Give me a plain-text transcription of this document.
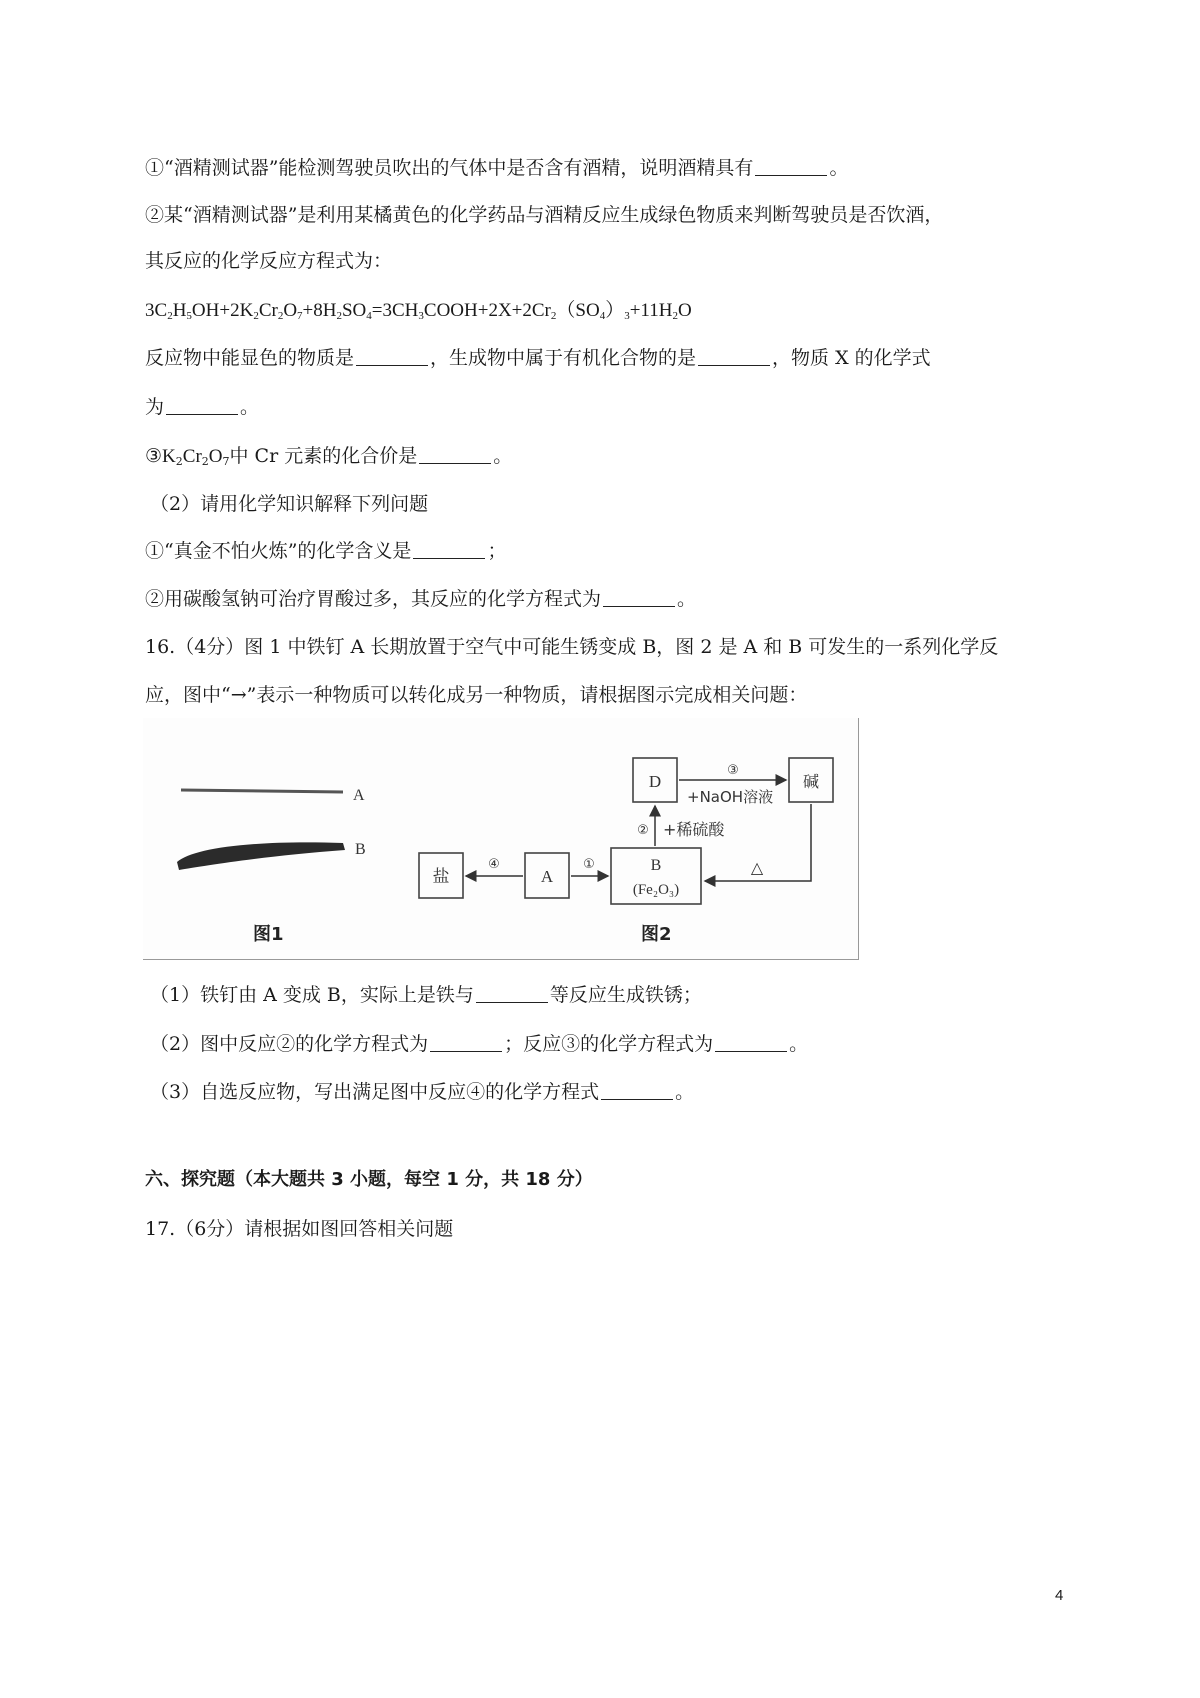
①“酒精测试器”能检测驾驶员吹出的气体中是否含有酒精，说明酒精具有	。
②某“酒精测试器”是利用某橘黄色的化学药品与酒精反应生成绿色物质来判断驾驶员是否饮酒，
其反应的化学反应方程式为：
$3C_2H_5OH+2K_2Cr_2O_7+8H_2SO_4=3CH_3COOH+2X+2Cr_2(SO_4)_3+11H_2O$
反应物中能显色的物质是	，生成物中属于有机化合物的是	，物质 X 的化学式
为	。
$③K_2Cr_2O_7$中 Cr 元素的化合价是	。
（2）请用化学知识解释下列问题
①“真金不怕火炼”的化学含义是	；
②用碳酸氢钠可治疗胃酸过多，其反应的化学方程式为	。
16.（4分）图 1 中铁钉 A 长期放置于空气中可能生锈变成 B，图 2 是 A 和 B 可发生的一系列化学反
应，图中“→”表示一种物质可以转化成另一种物质，请根据图示完成相关问题：
A
B
图1
盐	A
B
(Fe₂O₃)
D	碱
④	①
② +稀硫酸
③
+NaOH溶液
△
图2
（1）铁钉由 A 变成 B，实际上是铁与	等反应生成铁锈；
（2）图中反应②的化学方程式为	；反应③的化学方程式为	。
（3）自选反应物，写出满足图中反应④的化学方程式	。
六、探究题（本大题共 3 小题，每空 1 分，共 18 分）
17.（6分）请根据如图回答相关问题
4
